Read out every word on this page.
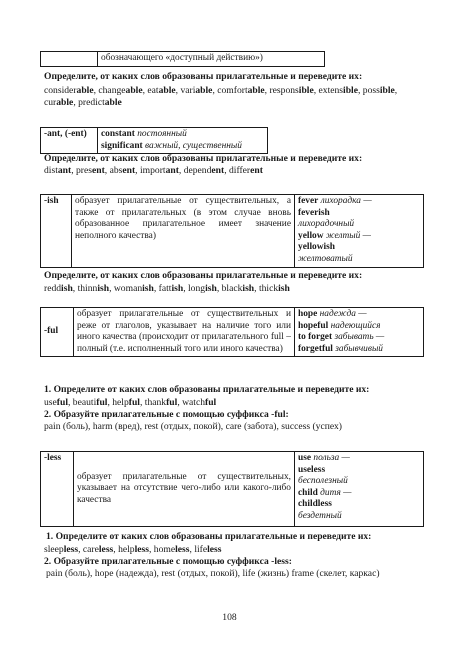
	обозначающего «доступный действию»)
Определите, от каких слов образованы прилагательные и переведите их:
considerable, changeable, eatable, variable, comfortable, responsible, extensible, possible, curable, predictable
-ant, (-ent)	constant постоянный
significant важный, существенный
Определите, от каких слов образованы прилагательные и переведите их:
distant, present, absent, important, dependent, different
-ish	образует прилагательные от существительных, а также от прилагательных (в этом случае вновь образованное прилагательное имеет значение неполного качества)	
fever лихорадка —
feverish
лихорадочный
yellow желтый —
yellowish
желтоватый
Определите, от каких слов образованы прилагательные и переведите их:
reddish, thinnish, womanish, fattish, longish, blackish, thickish
-ful	образует прилагательные от существительных и реже от глаголов, указывает на наличие того или иного качества (происходит от прилагательного full – полный (т.е. исполненный того или иного качества)	
hope надежда —
hopeful надеющийся
to forget забывать —
forgetful забывчивый
1. Определите от каких слов образованы прилагательные и переведите их:
useful, beautiful, helpful, thankful, watchful
2. Образуйте прилагательные с помощью суффикса -ful:
pain (боль), harm (вред), rest (отдых, покой), care (забота), success (успех)
-less	образует прилагательные от существительных, указывает на отсутствие чего-либо или какого-либо качества	
use польза —
useless
бесполезный
child дитя —
childless
бездетный
1. Определите от каких слов образованы прилагательные и переведите их:
sleepless, careless, helpless, homeless, lifeless
2. Образуйте прилагательные с помощью суффикса -less:
pain (боль), hope (надежда), rest (отдых, покой), life (жизнь) frame (скелет, каркас)
108
